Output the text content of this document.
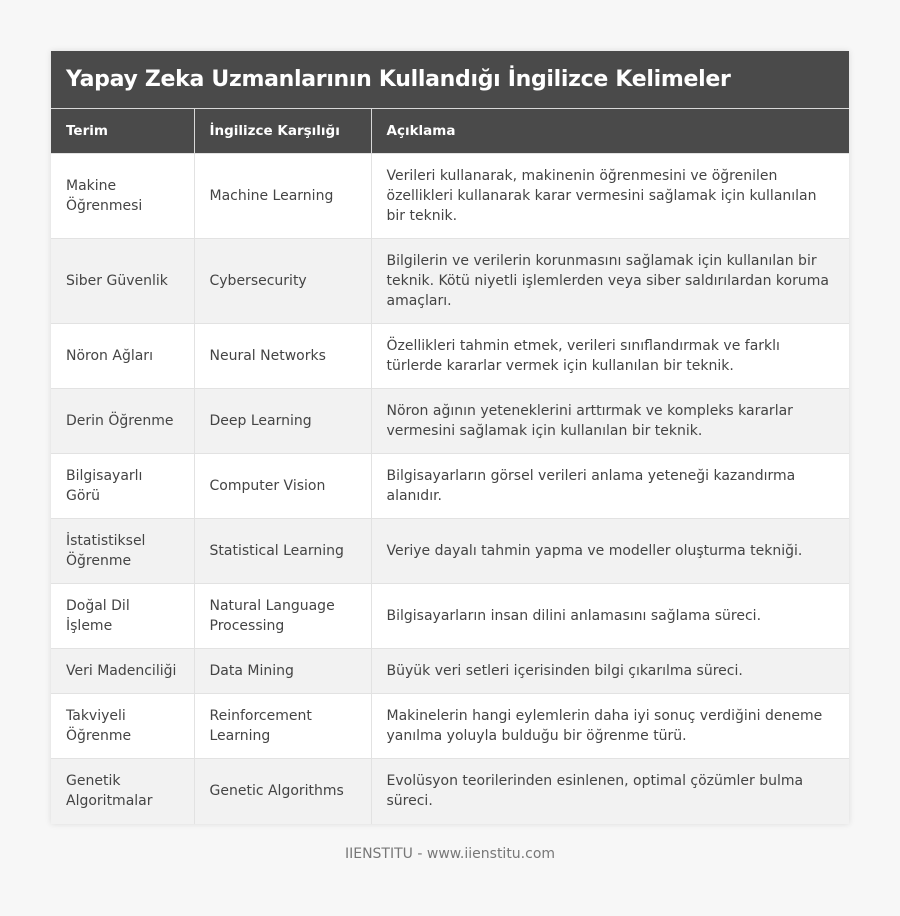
Yapay Zeka Uzmanlarının Kullandığı İngilizce Kelimeler
Terim	İngilizce Karşılığı	Açıklama
Makine Öğrenmesi	Machine Learning	Verileri kullanarak, makinenin öğrenmesini ve öğrenilen özellikleri kullanarak karar vermesini sağlamak için kullanılan bir teknik.
Siber Güvenlik	Cybersecurity	Bilgilerin ve verilerin korunmasını sağlamak için kullanılan bir teknik. Kötü niyetli işlemlerden veya siber saldırılardan koruma amaçları.
Nöron Ağları	Neural Networks	Özellikleri tahmin etmek, verileri sınıflandırmak ve farklı türlerde kararlar vermek için kullanılan bir teknik.
Derin Öğrenme	Deep Learning	Nöron ağının yeteneklerini arttırmak ve kompleks kararlar vermesini sağlamak için kullanılan bir teknik.
Bilgisayarlı Görü	Computer Vision	Bilgisayarların görsel verileri anlama yeteneği kazandırma alanıdır.
İstatistiksel Öğrenme	Statistical Learning	Veriye dayalı tahmin yapma ve modeller oluşturma tekniği.
Doğal Dil İşleme	Natural Language Processing	Bilgisayarların insan dilini anlamasını sağlama süreci.
Veri Madenciliği	Data Mining	Büyük veri setleri içerisinden bilgi çıkarılma süreci.
Takviyeli Öğrenme	Reinforcement Learning	Makinelerin hangi eylemlerin daha iyi sonuç verdiğini deneme yanılma yoluyla bulduğu bir öğrenme türü.
Genetik Algoritmalar	Genetic Algorithms	Evolüsyon teorilerinden esinlenen, optimal çözümler bulma süreci.
IIENSTITU - www.iienstitu.com
